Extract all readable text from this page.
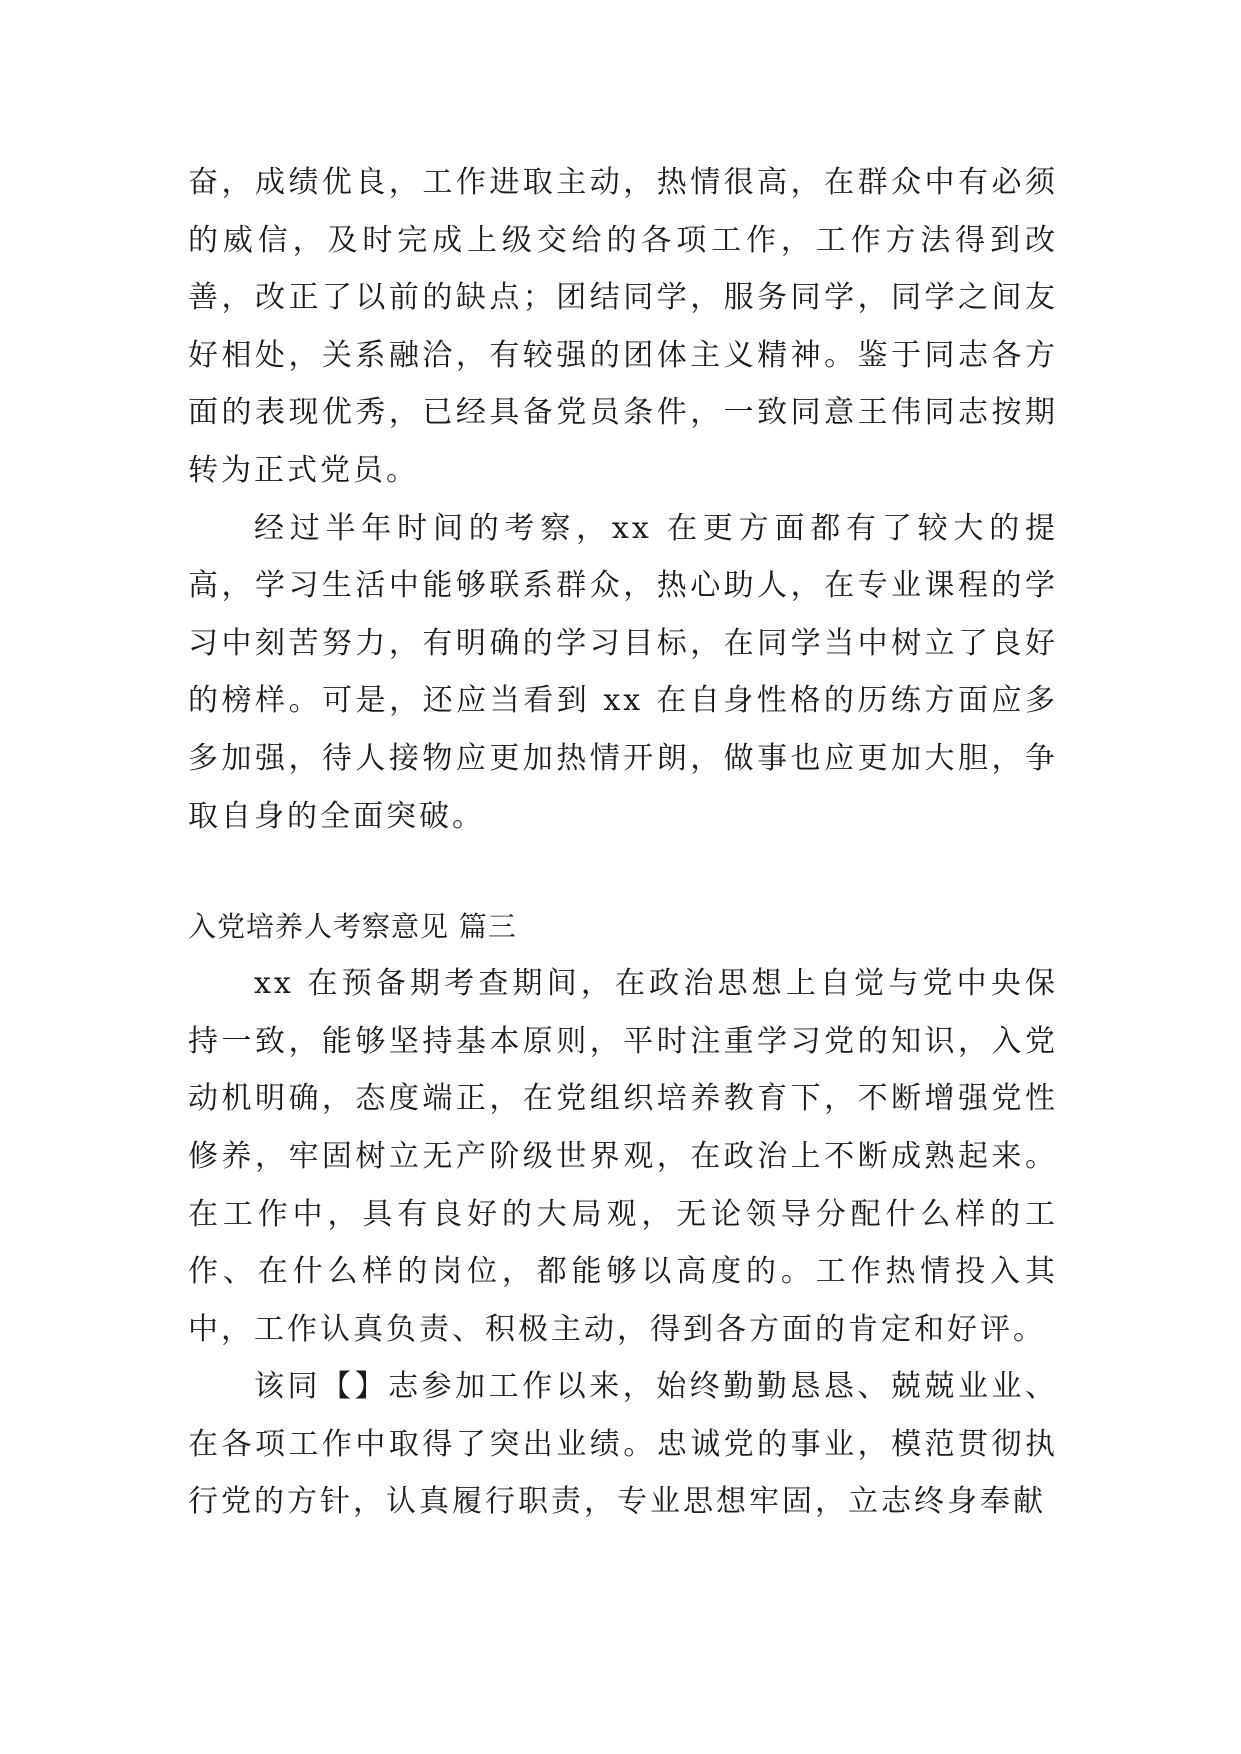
奋，成绩优良，工作进取主动，热情很高，在群众中有必须的威信，及时完成上级交给的各项工作，工作方法得到改善，改正了以前的缺点；团结同学，服务同学，同学之间友好相处，关系融洽，有较强的团体主义精神。鉴于同志各方面的表现优秀，已经具备党员条件，一致同意王伟同志按期转为正式党员。

经过半年时间的考察，xx 在更方面都有了较大的提高，学习生活中能够联系群众，热心助人，在专业课程的学习中刻苦努力，有明确的学习目标，在同学当中树立了良好的榜样。可是，还应当看到 xx 在自身性格的历练方面应多多加强，待人接物应更加热情开朗，做事也应更加大胆，争取自身的全面突破。

入党培养人考察意见 篇三

xx 在预备期考查期间，在政治思想上自觉与党中央保持一致，能够坚持基本原则，平时注重学习党的知识，入党动机明确，态度端正，在党组织培养教育下，不断增强党性修养，牢固树立无产阶级世界观，在政治上不断成熟起来。在工作中，具有良好的大局观，无论领导分配什么样的工作、在什么样的岗位，都能够以高度的。工作热情投入其中，工作认真负责、积极主动，得到各方面的肯定和好评。

该同【】志参加工作以来，始终勤勤恳恳、兢兢业业、在各项工作中取得了突出业绩。忠诚党的事业，模范贯彻执行党的方针，认真履行职责，专业思想牢固，立志终身奉献
